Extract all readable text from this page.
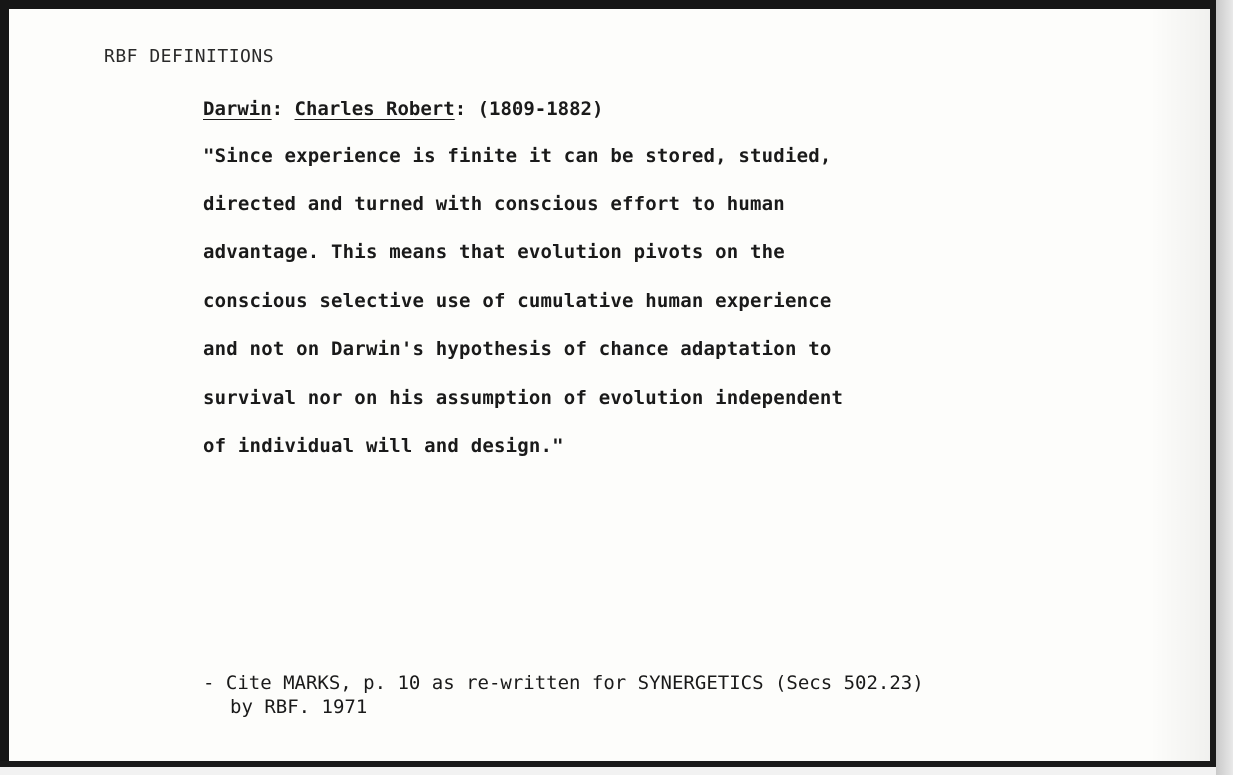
RBF DEFINITIONS
Darwin: Charles Robert: (1809-1882)
"Since experience is finite it can be stored, studied,
directed and turned with conscious effort to human
advantage. This means that evolution pivots on the
conscious selective use of cumulative human experience
and not on Darwin's hypothesis of chance adaptation to
survival nor on his assumption of evolution independent
of individual will and design."
- Cite MARKS, p. 10 as re-written for SYNERGETICS (Secs 502.23)
by RBF. 1971
